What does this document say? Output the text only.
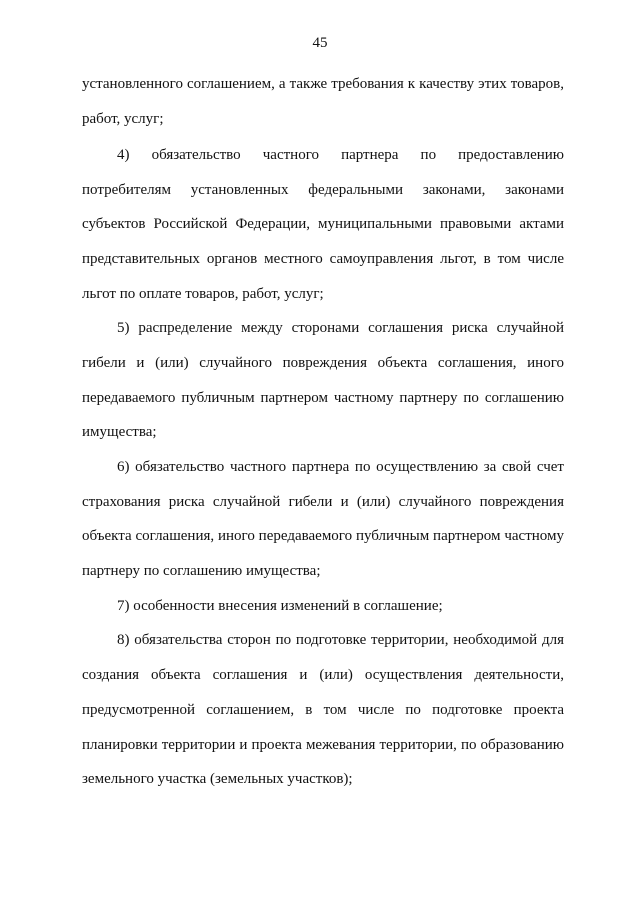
45

установленного соглашением, а также требования к качеству этих товаров,

работ, услуг;

4) обязательство частного партнера по предоставлению

потребителям установленных федеральными законами, законами

субъектов Российской Федерации, муниципальными правовыми актами

представительных органов местного самоуправления льгот, в том числе

льгот по оплате товаров, работ, услуг;

5) распределение между сторонами соглашения риска случайной

гибели и (или) случайного повреждения объекта соглашения, иного

передаваемого публичным партнером частному партнеру по соглашению

имущества;

6) обязательство частного партнера по осуществлению за свой счет

страхования риска случайной гибели и (или) случайного повреждения

объекта соглашения, иного передаваемого публичным партнером частному

партнеру по соглашению имущества;

7) особенности внесения изменений в соглашение;

8) обязательства сторон по подготовке территории, необходимой для

создания объекта соглашения и (или) осуществления деятельности,

предусмотренной соглашением, в том числе по подготовке проекта

планировки территории и проекта межевания территории, по образованию

земельного участка (земельных участков);
